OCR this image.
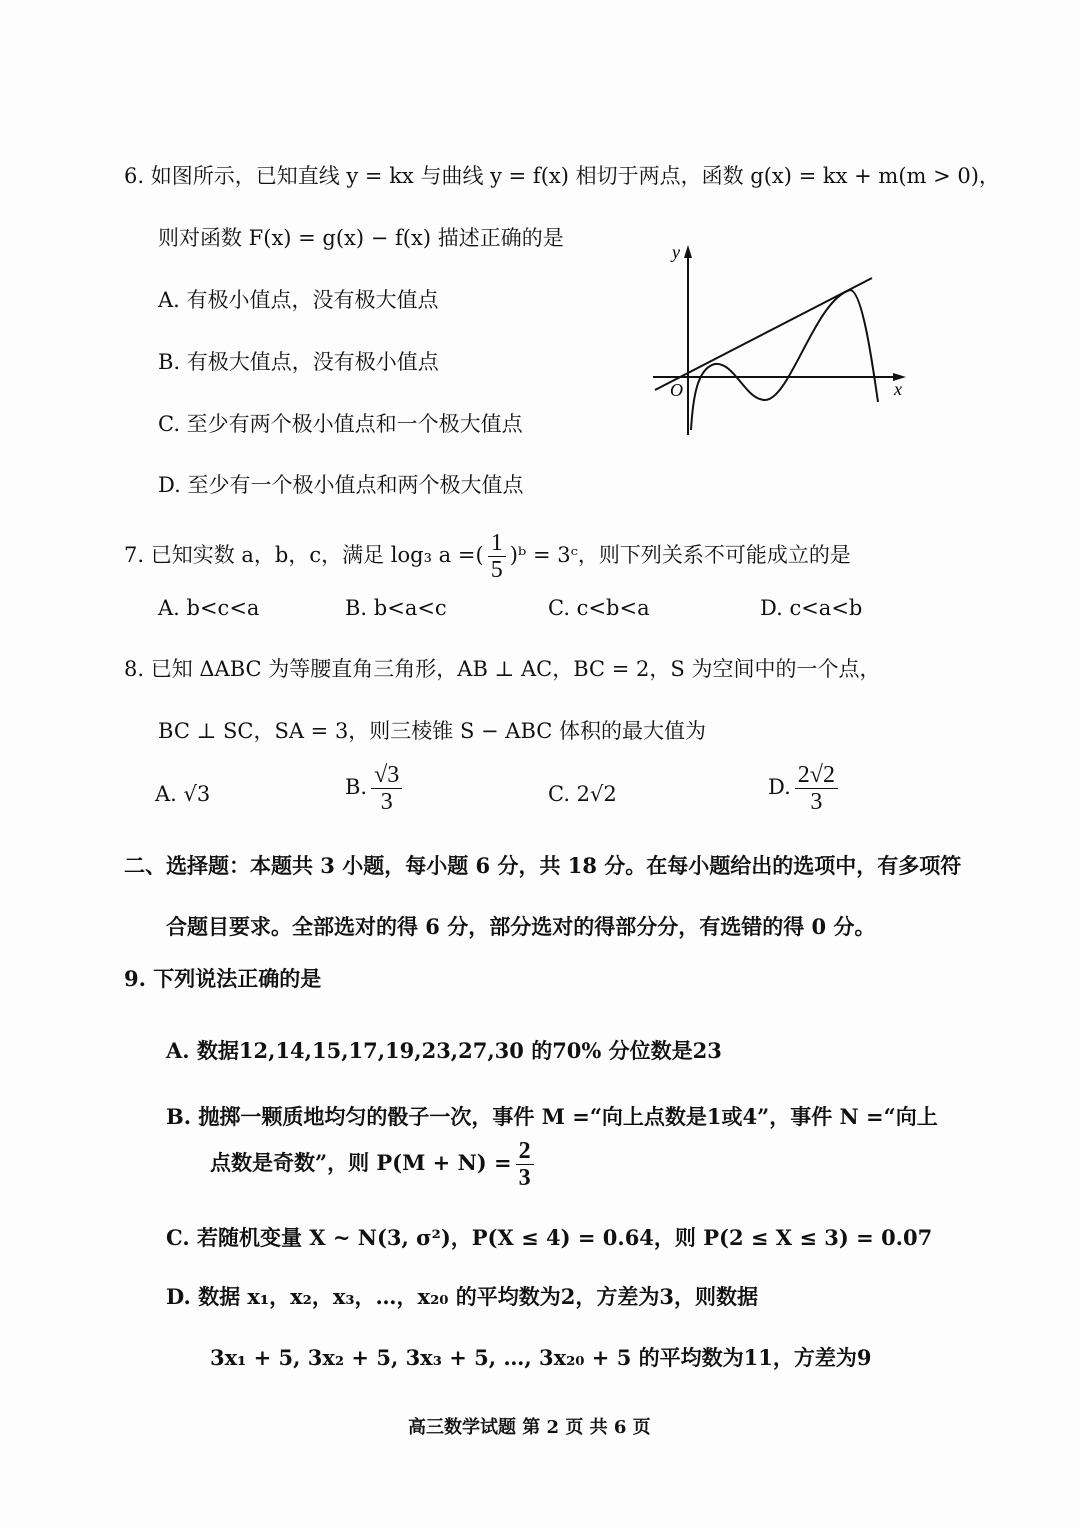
6. 如图所示，已知直线 y = kx 与曲线 y = f(x) 相切于两点，函数 g(x) = kx + m(m > 0)，
则对函数 F(x) = g(x) − f(x) 描述正确的是
A. 有极小值点，没有极大值点
B. 有极大值点，没有极小值点
C. 至少有两个极小值点和一个极大值点
D. 至少有一个极小值点和两个极大值点
y
x
O
7. 已知实数 a，b，c，满足 log₃ a =( $\frac{1}{5}$ )ᵇ = 3ᶜ，则下列关系不可能成立的是
A. b<c<a	B. b<a<c	C. c<b<a	D. c<a<b
8. 已知 ΔABC 为等腰直角三角形，AB ⊥ AC，BC = 2，S 为空间中的一个点，
BC ⊥ SC，SA = 3，则三棱锥 S − ABC 体积的最大值为
A. √3	B. $\frac{√3}{3}$	C. 2√2	D. $\frac{2√2}{3}$
二、选择题：本题共 3 小题，每小题 6 分，共 18 分。在每小题给出的选项中，有多项符
合题目要求。全部选对的得 6 分，部分选对的得部分分，有选错的得 0 分。
9. 下列说法正确的是
A. 数据12,14,15,17,19,23,27,30 的70% 分位数是23
B. 抛掷一颗质地均匀的骰子一次，事件 M =“向上点数是1或4”，事件 N =“向上
点数是奇数”，则 $P(M + N) = \frac{2}{3}$
C. 若随机变量 X ~ N(3, σ²)，P(X ≤ 4) = 0.64，则 P(2 ≤ X ≤ 3) = 0.07
D. 数据 x₁，x₂，x₃，…，x₂₀ 的平均数为2，方差为3，则数据
3x₁ + 5, 3x₂ + 5, 3x₃ + 5, …, 3x₂₀ + 5 的平均数为11，方差为9
高三数学试题 第 2 页 共 6 页
